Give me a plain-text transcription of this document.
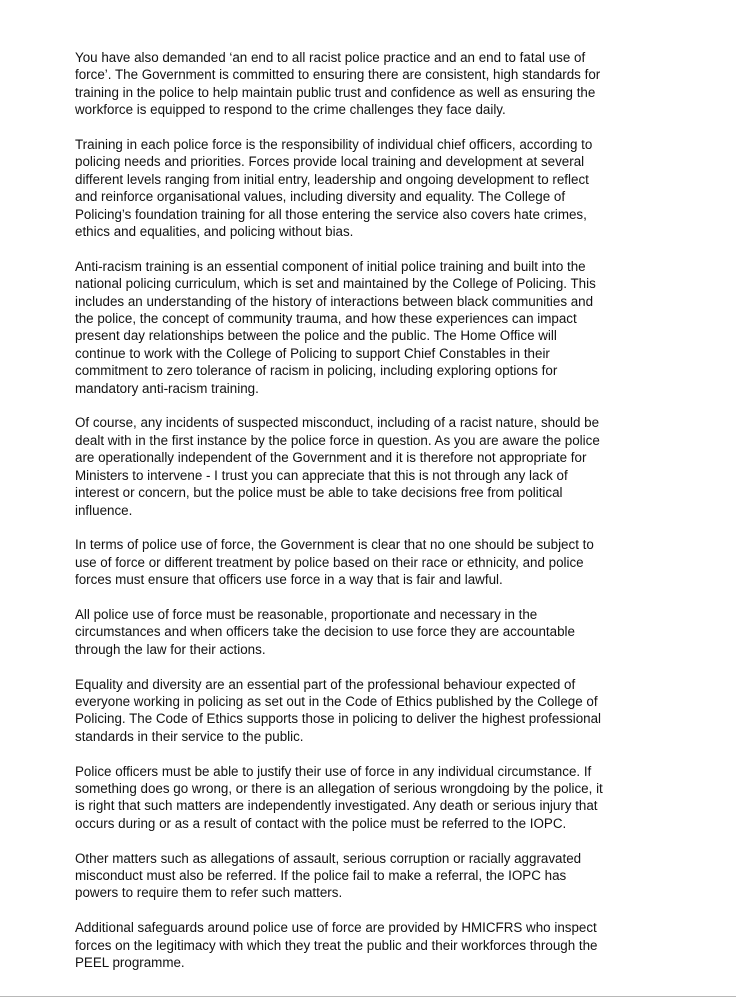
You have also demanded ‘an end to all racist police practice and an end to fatal use of
force’. The Government is committed to ensuring there are consistent, high standards for
training in the police to help maintain public trust and confidence as well as ensuring the
workforce is equipped to respond to the crime challenges they face daily.

Training in each police force is the responsibility of individual chief officers, according to
policing needs and priorities. Forces provide local training and development at several
different levels ranging from initial entry, leadership and ongoing development to reflect
and reinforce organisational values, including diversity and equality. The College of
Policing’s foundation training for all those entering the service also covers hate crimes,
ethics and equalities, and policing without bias.

Anti-racism training is an essential component of initial police training and built into the
national policing curriculum, which is set and maintained by the College of Policing. This
includes an understanding of the history of interactions between black communities and
the police, the concept of community trauma, and how these experiences can impact
present day relationships between the police and the public. The Home Office will
continue to work with the College of Policing to support Chief Constables in their
commitment to zero tolerance of racism in policing, including exploring options for
mandatory anti-racism training.

Of course, any incidents of suspected misconduct, including of a racist nature, should be
dealt with in the first instance by the police force in question. As you are aware the police
are operationally independent of the Government and it is therefore not appropriate for
Ministers to intervene - I trust you can appreciate that this is not through any lack of
interest or concern, but the police must be able to take decisions free from political
influence.

In terms of police use of force, the Government is clear that no one should be subject to
use of force or different treatment by police based on their race or ethnicity, and police
forces must ensure that officers use force in a way that is fair and lawful.

All police use of force must be reasonable, proportionate and necessary in the
circumstances and when officers take the decision to use force they are accountable
through the law for their actions.

Equality and diversity are an essential part of the professional behaviour expected of
everyone working in policing as set out in the Code of Ethics published by the College of
Policing. The Code of Ethics supports those in policing to deliver the highest professional
standards in their service to the public.

Police officers must be able to justify their use of force in any individual circumstance. If
something does go wrong, or there is an allegation of serious wrongdoing by the police, it
is right that such matters are independently investigated. Any death or serious injury that
occurs during or as a result of contact with the police must be referred to the IOPC.

Other matters such as allegations of assault, serious corruption or racially aggravated
misconduct must also be referred. If the police fail to make a referral, the IOPC has
powers to require them to refer such matters.

Additional safeguards around police use of force are provided by HMICFRS who inspect
forces on the legitimacy with which they treat the public and their workforces through the
PEEL programme.
